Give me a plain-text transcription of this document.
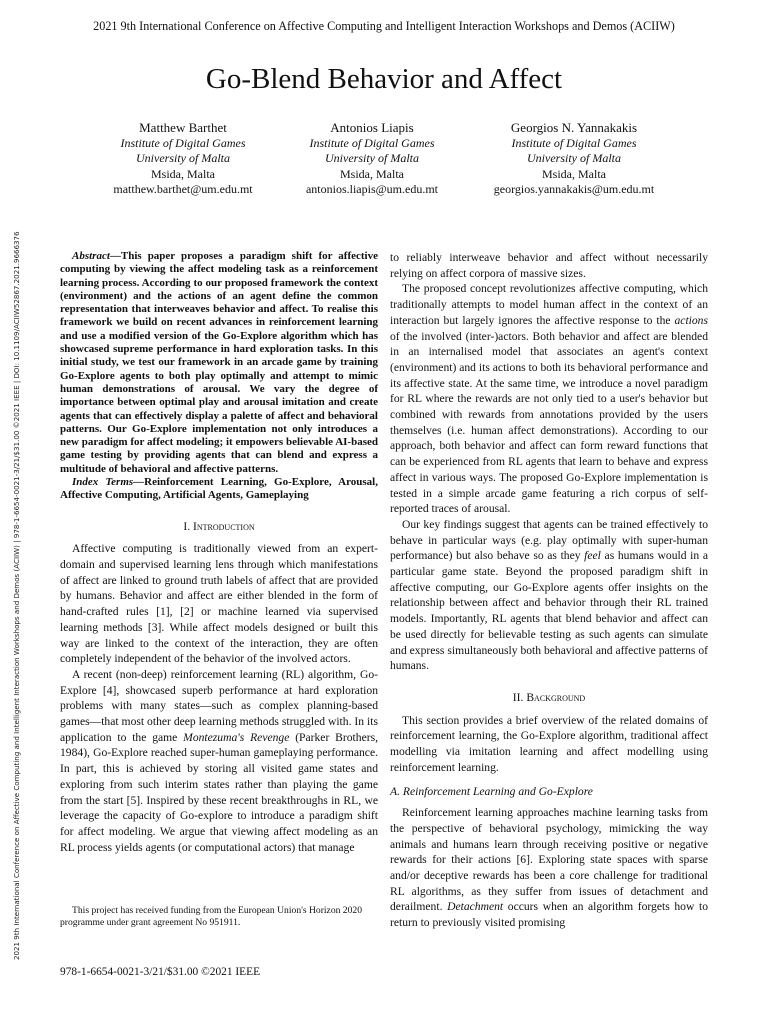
2021 9th International Conference on Affective Computing and Intelligent Interaction Workshops and Demos (ACIIW)
2021 9th International Conference on Affective Computing and Intelligent Interaction Workshops and Demos (ACIIW) | 978-1-6654-0021-3/21/$31.00 ©2021 IEEE | DOI: 10.1109/ACIIW52867.2021.9666376
Go-Blend Behavior and Affect
Matthew Barthet
Institute of Digital Games
University of Malta
Msida, Malta
matthew.barthet@um.edu.mt
Antonios Liapis
Institute of Digital Games
University of Malta
Msida, Malta
antonios.liapis@um.edu.mt
Georgios N. Yannakakis
Institute of Digital Games
University of Malta
Msida, Malta
georgios.yannakakis@um.edu.mt

Abstract—This paper proposes a paradigm shift for affective computing by viewing the affect modeling task as a reinforcement learning process. According to our proposed framework the context (environment) and the actions of an agent define the common representation that interweaves behavior and affect. To realise this framework we build on recent advances in reinforcement learning and use a modified version of the Go-Explore algorithm which has showcased supreme performance in hard exploration tasks. In this initial study, we test our framework in an arcade game by training Go-Explore agents to both play optimally and attempt to mimic human demonstrations of arousal. We vary the degree of importance between optimal play and arousal imitation and create agents that can effectively display a palette of affect and behavioral patterns. Our Go-Explore implementation not only introduces a new paradigm for affect modeling; it empowers believable AI-based game testing by providing agents that can blend and express a multitude of behavioral and affective patterns.

Index Terms—Reinforcement Learning, Go-Explore, Arousal, Affective Computing, Artificial Agents, Gameplaying

I. Introduction

Affective computing is traditionally viewed from an expert-domain and supervised learning lens through which manifestations of affect are linked to ground truth labels of affect that are provided by humans. Behavior and affect are either blended in the form of hand-crafted rules [1], [2] or machine learned via supervised learning methods [3]. While affect models designed or built this way are linked to the context of the interaction, they are often completely independent of the behavior of the involved actors.

A recent (non-deep) reinforcement learning (RL) algorithm, Go-Explore [4], showcased superb performance at hard exploration problems with many states—such as complex planning-based games—that most other deep learning methods struggled with. In its application to the game Montezuma's Revenge (Parker Brothers, 1984), Go-Explore reached super-human gameplaying performance. In part, this is achieved by storing all visited game states and exploring from such interim states rather than playing the game from the start [5]. Inspired by these recent breakthroughs in RL, we leverage the capacity of Go-explore to introduce a paradigm shift for affect modeling. We argue that viewing affect modeling as an RL process yields agents (or computational actors) that manage

This project has received funding from the European Union's Horizon 2020 programme under grant agreement No 951911.
978-1-6654-0021-3/21/$31.00 ©2021 IEEE

to reliably interweave behavior and affect without necessarily relying on affect corpora of massive sizes.

The proposed concept revolutionizes affective computing, which traditionally attempts to model human affect in the context of an interaction but largely ignores the affective response to the actions of the involved (inter-)actors. Both behavior and affect are blended in an internalised model that associates an agent's context (environment) and its actions to both its behavioral performance and its affective state. At the same time, we introduce a novel paradigm for RL where the rewards are not only tied to a user's behavior but combined with rewards from annotations provided by the users themselves (i.e. human affect demonstrations). According to our approach, both behavior and affect can form reward functions that can be experienced from RL agents that learn to behave and express affect in various ways. The proposed Go-Explore implementation is tested in a simple arcade game featuring a rich corpus of self-reported traces of arousal.

Our key findings suggest that agents can be trained effectively to behave in particular ways (e.g. play optimally with super-human performance) but also behave so as they feel as humans would in a particular game state. Beyond the proposed paradigm shift in affective computing, our Go-Explore agents offer insights on the relationship between affect and behavior through their RL trained models. Importantly, RL agents that blend behavior and affect can be used directly for believable testing as such agents can simulate and express simultaneously both behavioral and affective patterns of humans.

II. Background

This section provides a brief overview of the related domains of reinforcement learning, the Go-Explore algorithm, traditional affect modelling via imitation learning and affect modelling using reinforcement learning.

A. Reinforcement Learning and Go-Explore

Reinforcement learning approaches machine learning tasks from the perspective of behavioral psychology, mimicking the way animals and humans learn through receiving positive or negative rewards for their actions [6]. Exploring state spaces with sparse and/or deceptive rewards has been a core challenge for traditional RL algorithms, as they suffer from issues of detachment and derailment. Detachment occurs when an algorithm forgets how to return to previously visited promising
